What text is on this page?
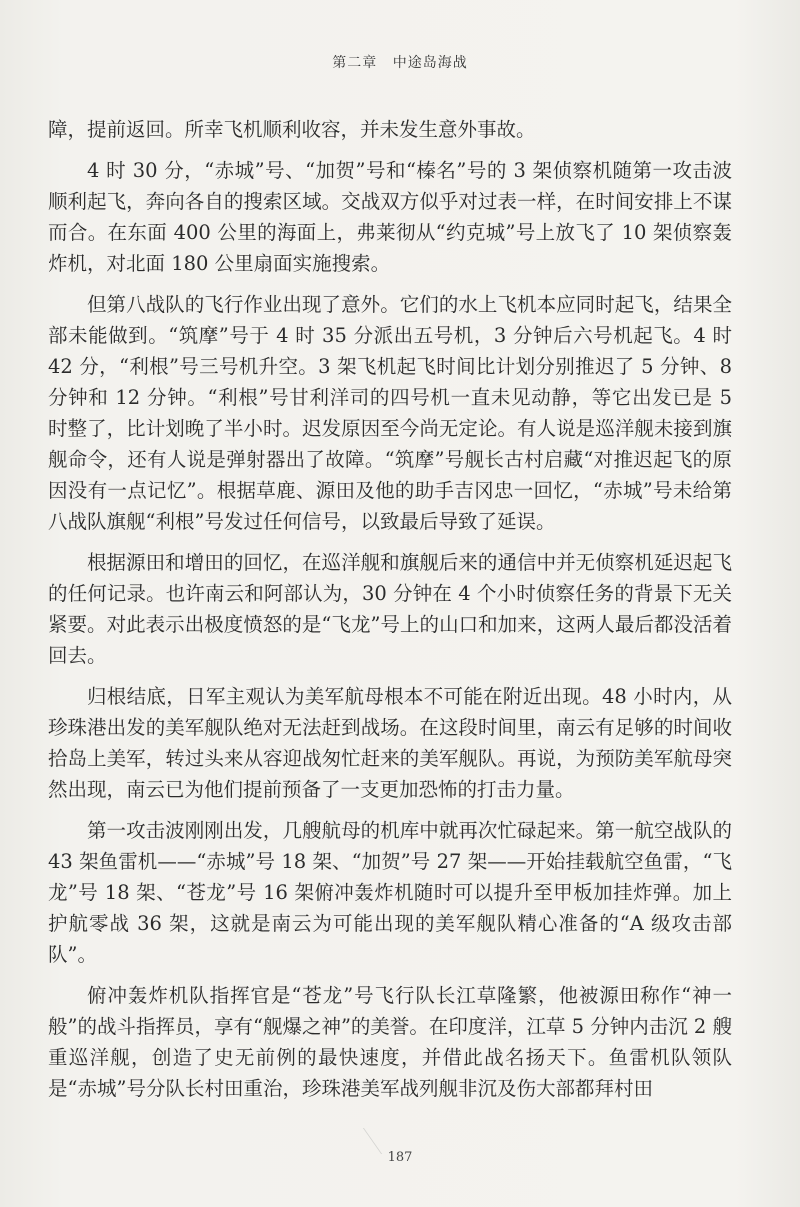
第二章 中途岛海战

障，提前返回。所幸飞机顺利收容，并未发生意外事故。

4 时 30 分，“赤城”号、“加贺”号和“榛名”号的 3 架侦察机随第一攻击波顺利起飞，奔向各自的搜索区域。交战双方似乎对过表一样，在时间安排上不谋而合。在东面 400 公里的海面上，弗莱彻从“约克城”号上放飞了 10 架侦察轰炸机，对北面 180 公里扇面实施搜索。

但第八战队的飞行作业出现了意外。它们的水上飞机本应同时起飞，结果全部未能做到。“筑摩”号于 4 时 35 分派出五号机，3 分钟后六号机起飞。4 时 42 分，“利根”号三号机升空。3 架飞机起飞时间比计划分别推迟了 5 分钟、8 分钟和 12 分钟。“利根”号甘利洋司的四号机一直未见动静，等它出发已是 5 时整了，比计划晚了半小时。迟发原因至今尚无定论。有人说是巡洋舰未接到旗舰命令，还有人说是弹射器出了故障。“筑摩”号舰长古村启藏“对推迟起飞的原因没有一点记忆”。根据草鹿、源田及他的助手吉冈忠一回忆，“赤城”号未给第八战队旗舰“利根”号发过任何信号，以致最后导致了延误。

根据源田和增田的回忆，在巡洋舰和旗舰后来的通信中并无侦察机延迟起飞的任何记录。也许南云和阿部认为，30 分钟在 4 个小时侦察任务的背景下无关紧要。对此表示出极度愤怒的是“飞龙”号上的山口和加来，这两人最后都没活着回去。

归根结底，日军主观认为美军航母根本不可能在附近出现。48 小时内，从珍珠港出发的美军舰队绝对无法赶到战场。在这段时间里，南云有足够的时间收拾岛上美军，转过头来从容迎战匆忙赶来的美军舰队。再说，为预防美军航母突然出现，南云已为他们提前预备了一支更加恐怖的打击力量。

第一攻击波刚刚出发，几艘航母的机库中就再次忙碌起来。第一航空战队的 43 架鱼雷机——“赤城”号 18 架、“加贺”号 27 架——开始挂载航空鱼雷，“飞龙”号 18 架、“苍龙”号 16 架俯冲轰炸机随时可以提升至甲板加挂炸弹。加上护航零战 36 架，这就是南云为可能出现的美军舰队精心准备的“A 级攻击部队”。

俯冲轰炸机队指挥官是“苍龙”号飞行队长江草隆繁，他被源田称作“神一般”的战斗指挥员，享有“舰爆之神”的美誉。在印度洋，江草 5 分钟内击沉 2 艘重巡洋舰，创造了史无前例的最快速度，并借此战名扬天下。鱼雷机队领队是“赤城”号分队长村田重治，珍珠港美军战列舰非沉及伤大部都拜村田

187
